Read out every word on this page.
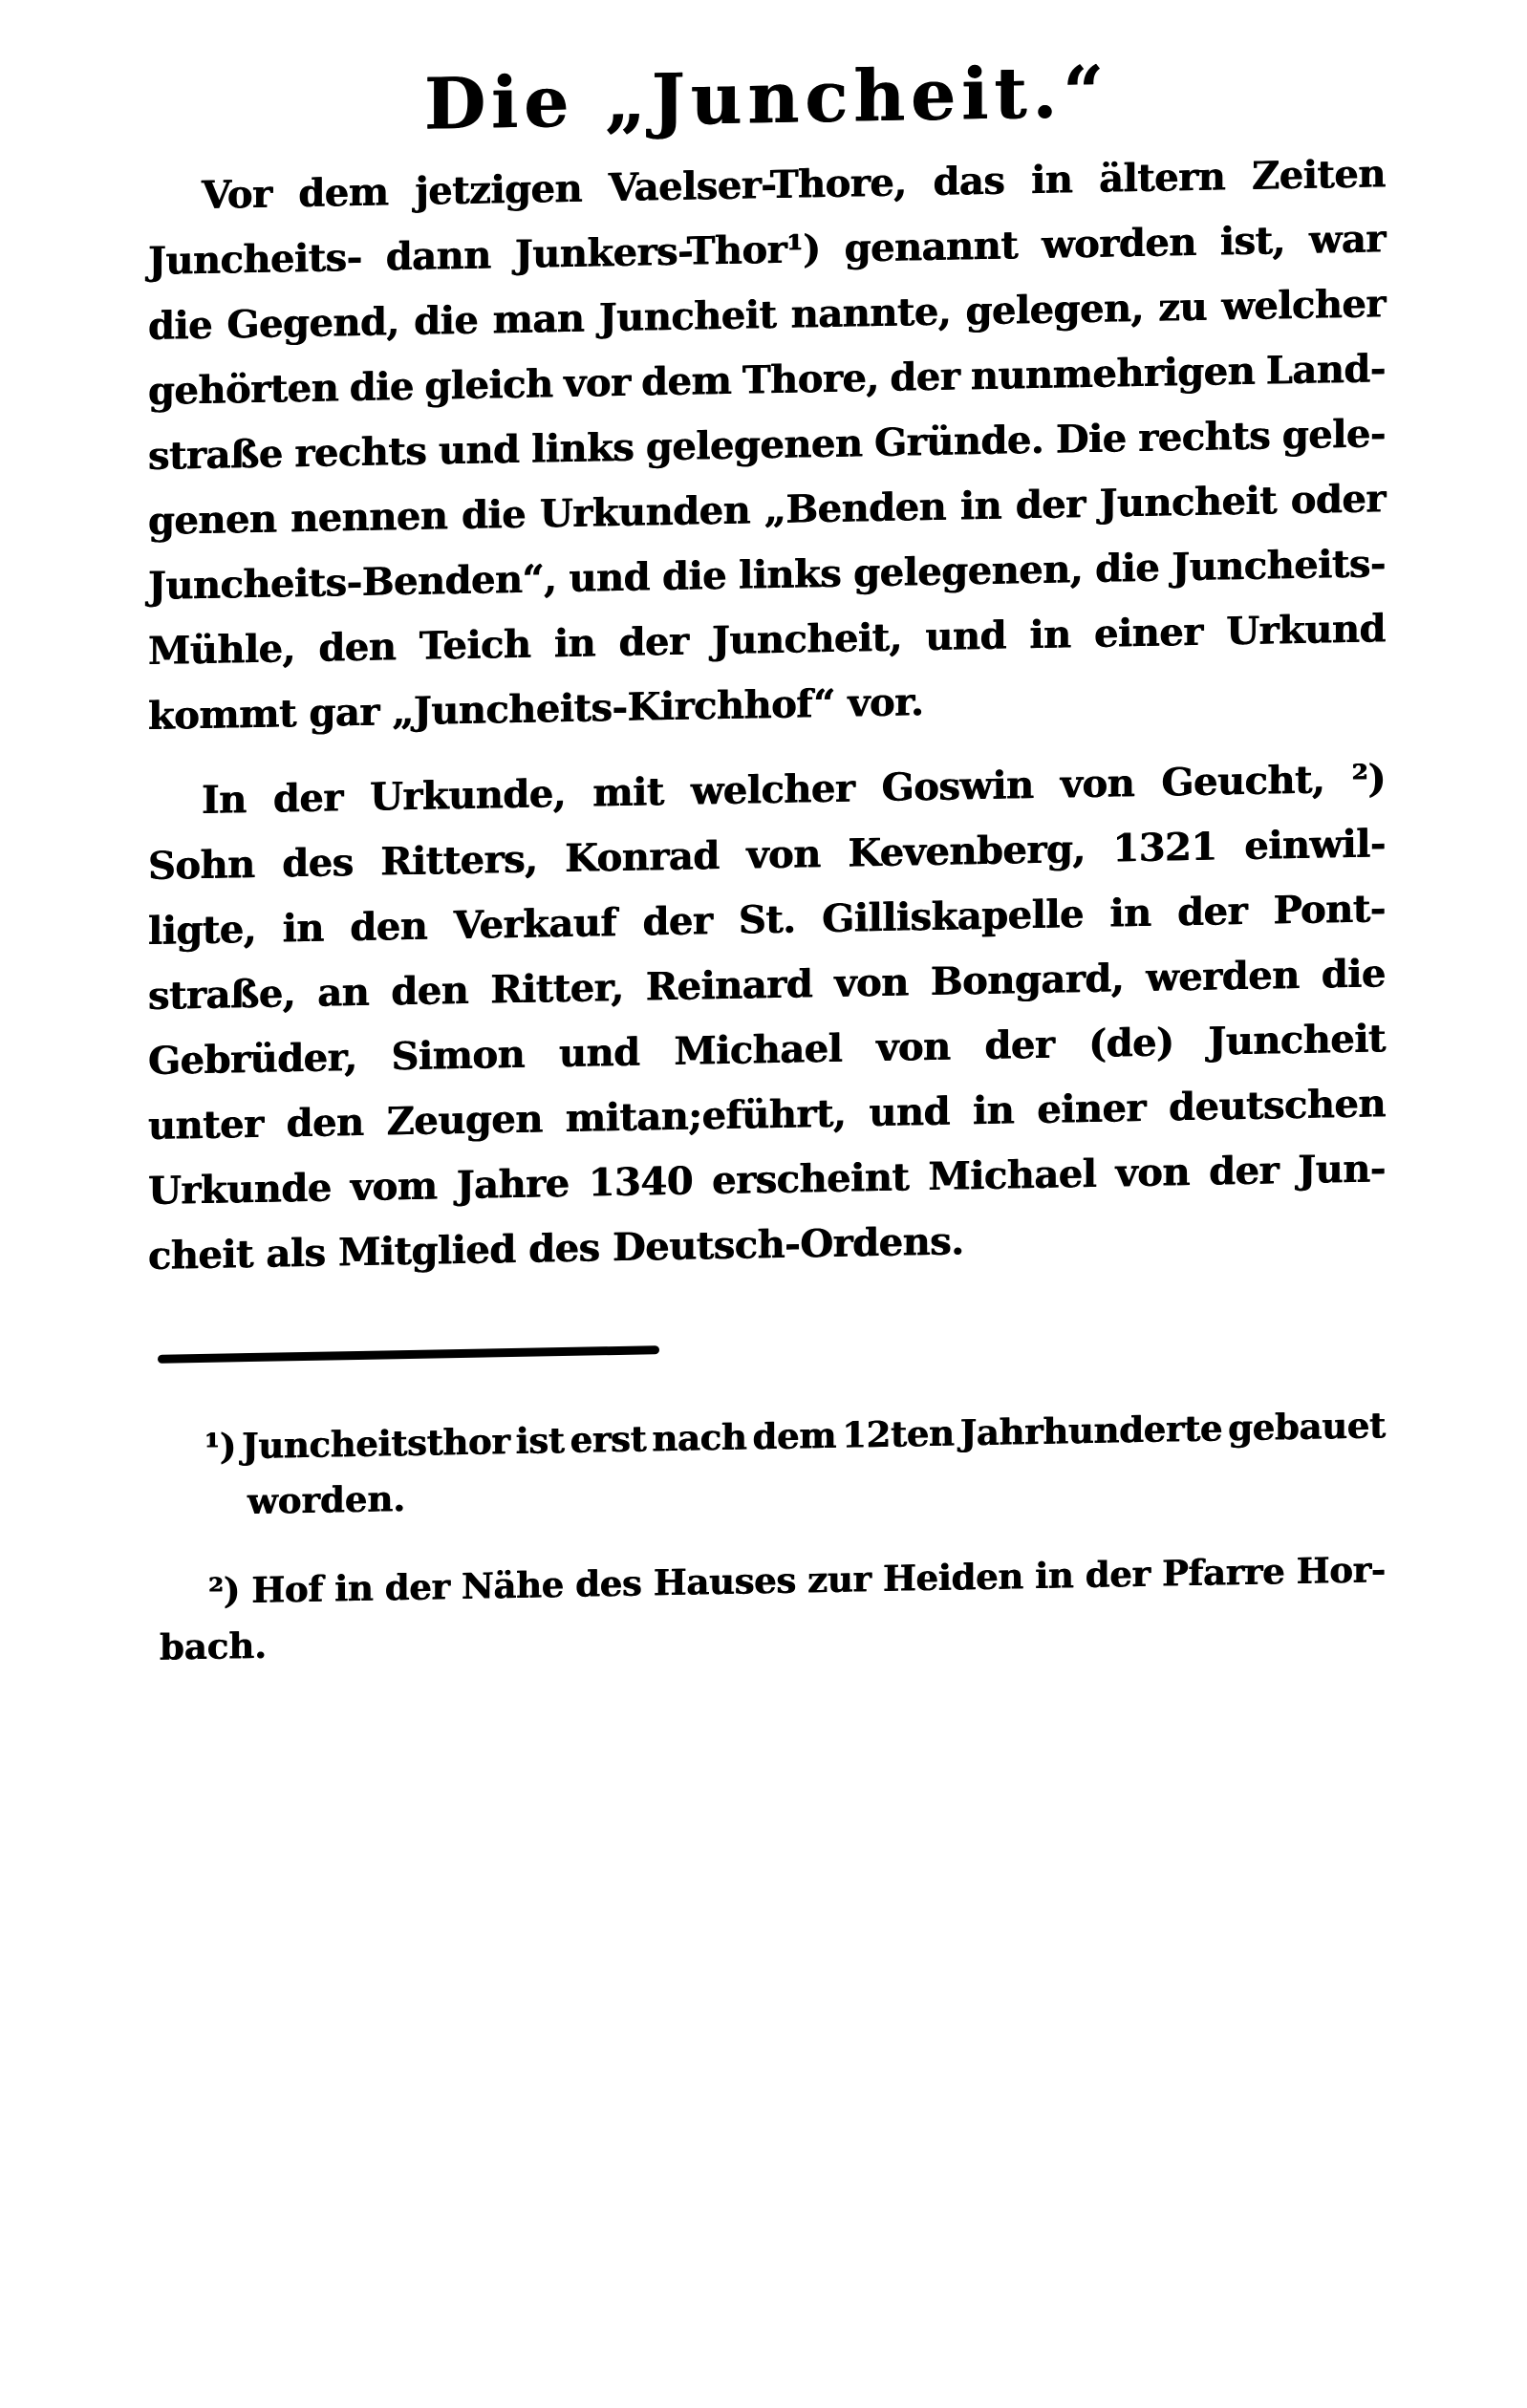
Die „Juncheit.“
Vor dem jetzigen Vaelser-Thore, das in ältern Zeiten
Juncheits- dann Junkers-Thor¹) genannt worden ist, war
die Gegend, die man Juncheit nannte, gelegen, zu welcher
gehörten die gleich vor dem Thore, der nunmehrigen Land-
straße rechts und links gelegenen Gründe. Die rechts gele-
genen nennen die Urkunden „Benden in der Juncheit oder
Juncheits-Benden“, und die links gelegenen, die Juncheits-
Mühle, den Teich in der Juncheit, und in einer Urkund
kommt gar „Juncheits-Kirchhof“ vor.
In der Urkunde, mit welcher Goswin von Geucht, ²)
Sohn des Ritters, Konrad von Kevenberg, 1321 einwil-
ligte, in den Verkauf der St. Gilliskapelle in der Pont-
straße, an den Ritter, Reinard von Bongard, werden die
Gebrüder, Simon und Michael von der (de) Juncheit
unter den Zeugen mitan;eführt, und in einer deutschen
Urkunde vom Jahre 1340 erscheint Michael von der Jun-
cheit als Mitglied des Deutsch-Ordens.
¹) Juncheitsthor ist erst nach dem 12ten Jahrhunderte gebauet
worden.
²) Hof in der Nähe des Hauses zur Heiden in der Pfarre Hor-
bach.
